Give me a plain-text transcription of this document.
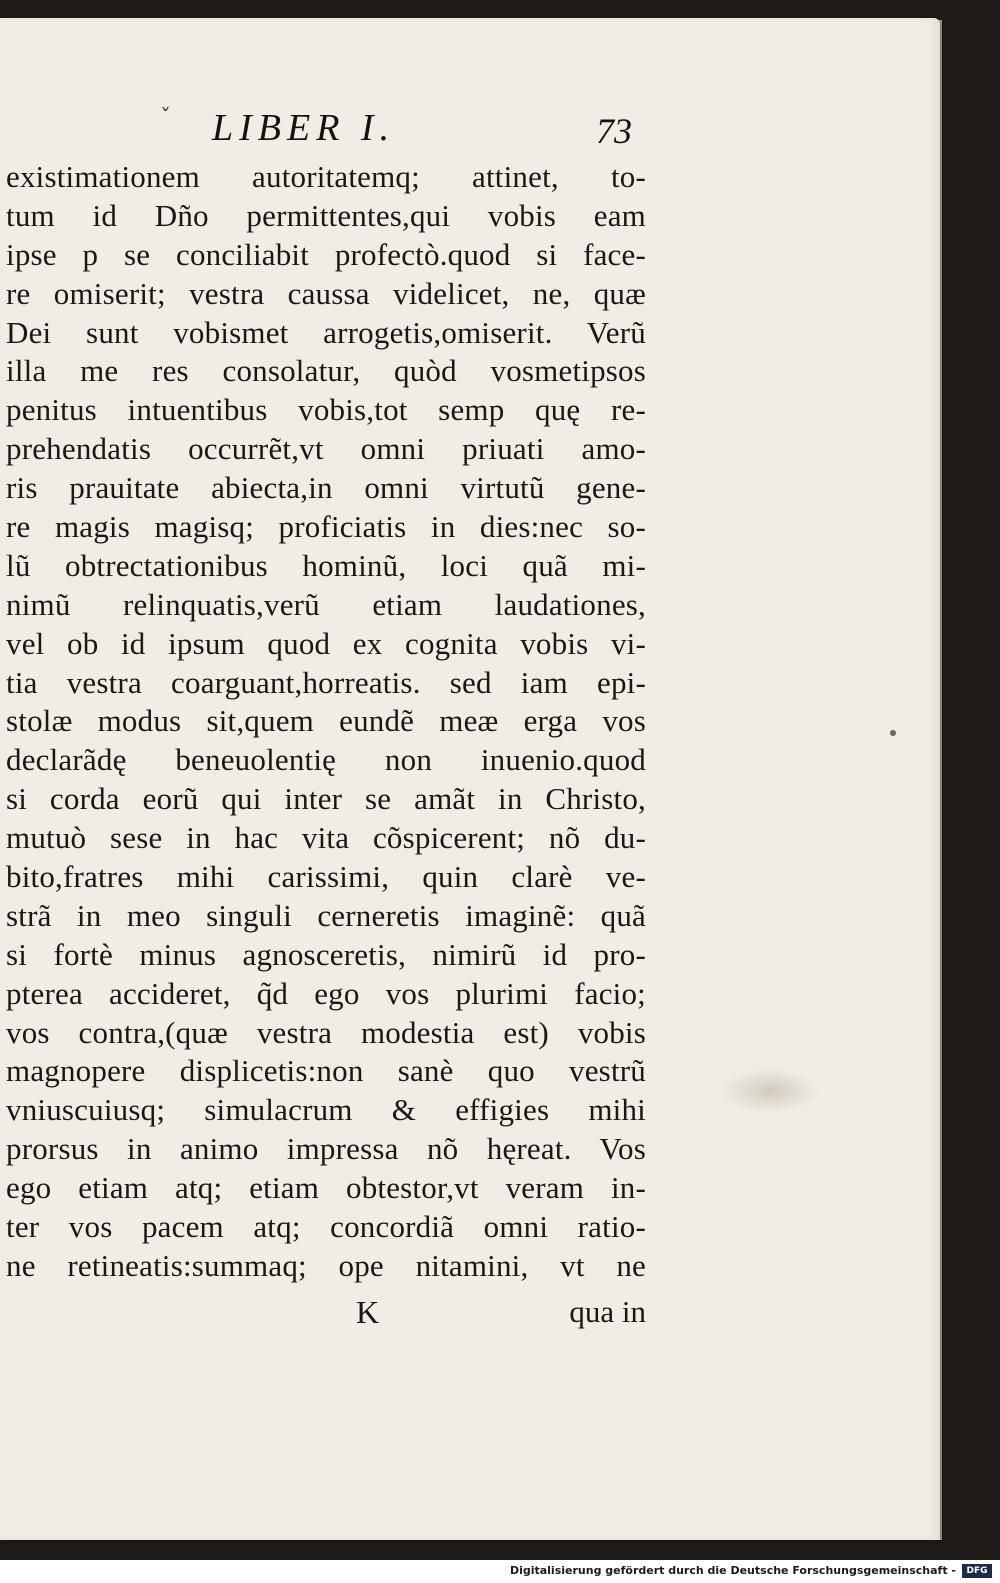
ˇ LIBER I.	73
existimationem autoritatemq; attinet, to-
tum id Dño permittentes,qui vobis eam
ipse p se conciliabit profectò.quod si face-
re omiserit; vestra caussa videlicet, ne, quæ
Dei sunt vobismet arrogetis,omiserit. Verũ
illa me res consolatur, quòd vosmetipsos
penitus intuentibus vobis,tot semp quę re-
prehendatis occurrẽt,vt omni priuati amo-
ris prauitate abiecta,in omni virtutũ gene-
re magis magisq; proficiatis in dies:nec so-
lũ obtrectationibus hominũ, loci quã mi-
nimũ relinquatis,verũ etiam laudationes,
vel ob id ipsum quod ex cognita vobis vi-
tia vestra coarguant,horreatis. sed iam epi-
stolæ modus sit,quem eundẽ meæ erga vos
declarãdę beneuolentię non inuenio.quod
si corda eorũ qui inter se amãt in Christo,
mutuò sese in hac vita cõspicerent; nõ du-
bito,fratres mihi carissimi, quin clarè ve-
strã in meo singuli cerneretis imaginẽ: quã
si fortè minus agnosceretis, nimirũ id pro-
pterea accideret, q̃d ego vos plurimi facio;
vos contra,(quæ vestra modestia est) vobis
magnopere displicetis:non sanè quo vestrũ
vniuscuiusq; simulacrum & effigies mihi
prorsus in animo impressa nõ hęreat. Vos
ego etiam atq; etiam obtestor,vt veram in-
ter vos pacem atq; concordiã omni ratio-
ne retineatis:summaq; ope nitamini, vt ne
K	qua in
Digitalisierung gefördert durch die Deutsche Forschungsgemeinschaft -	DFG
